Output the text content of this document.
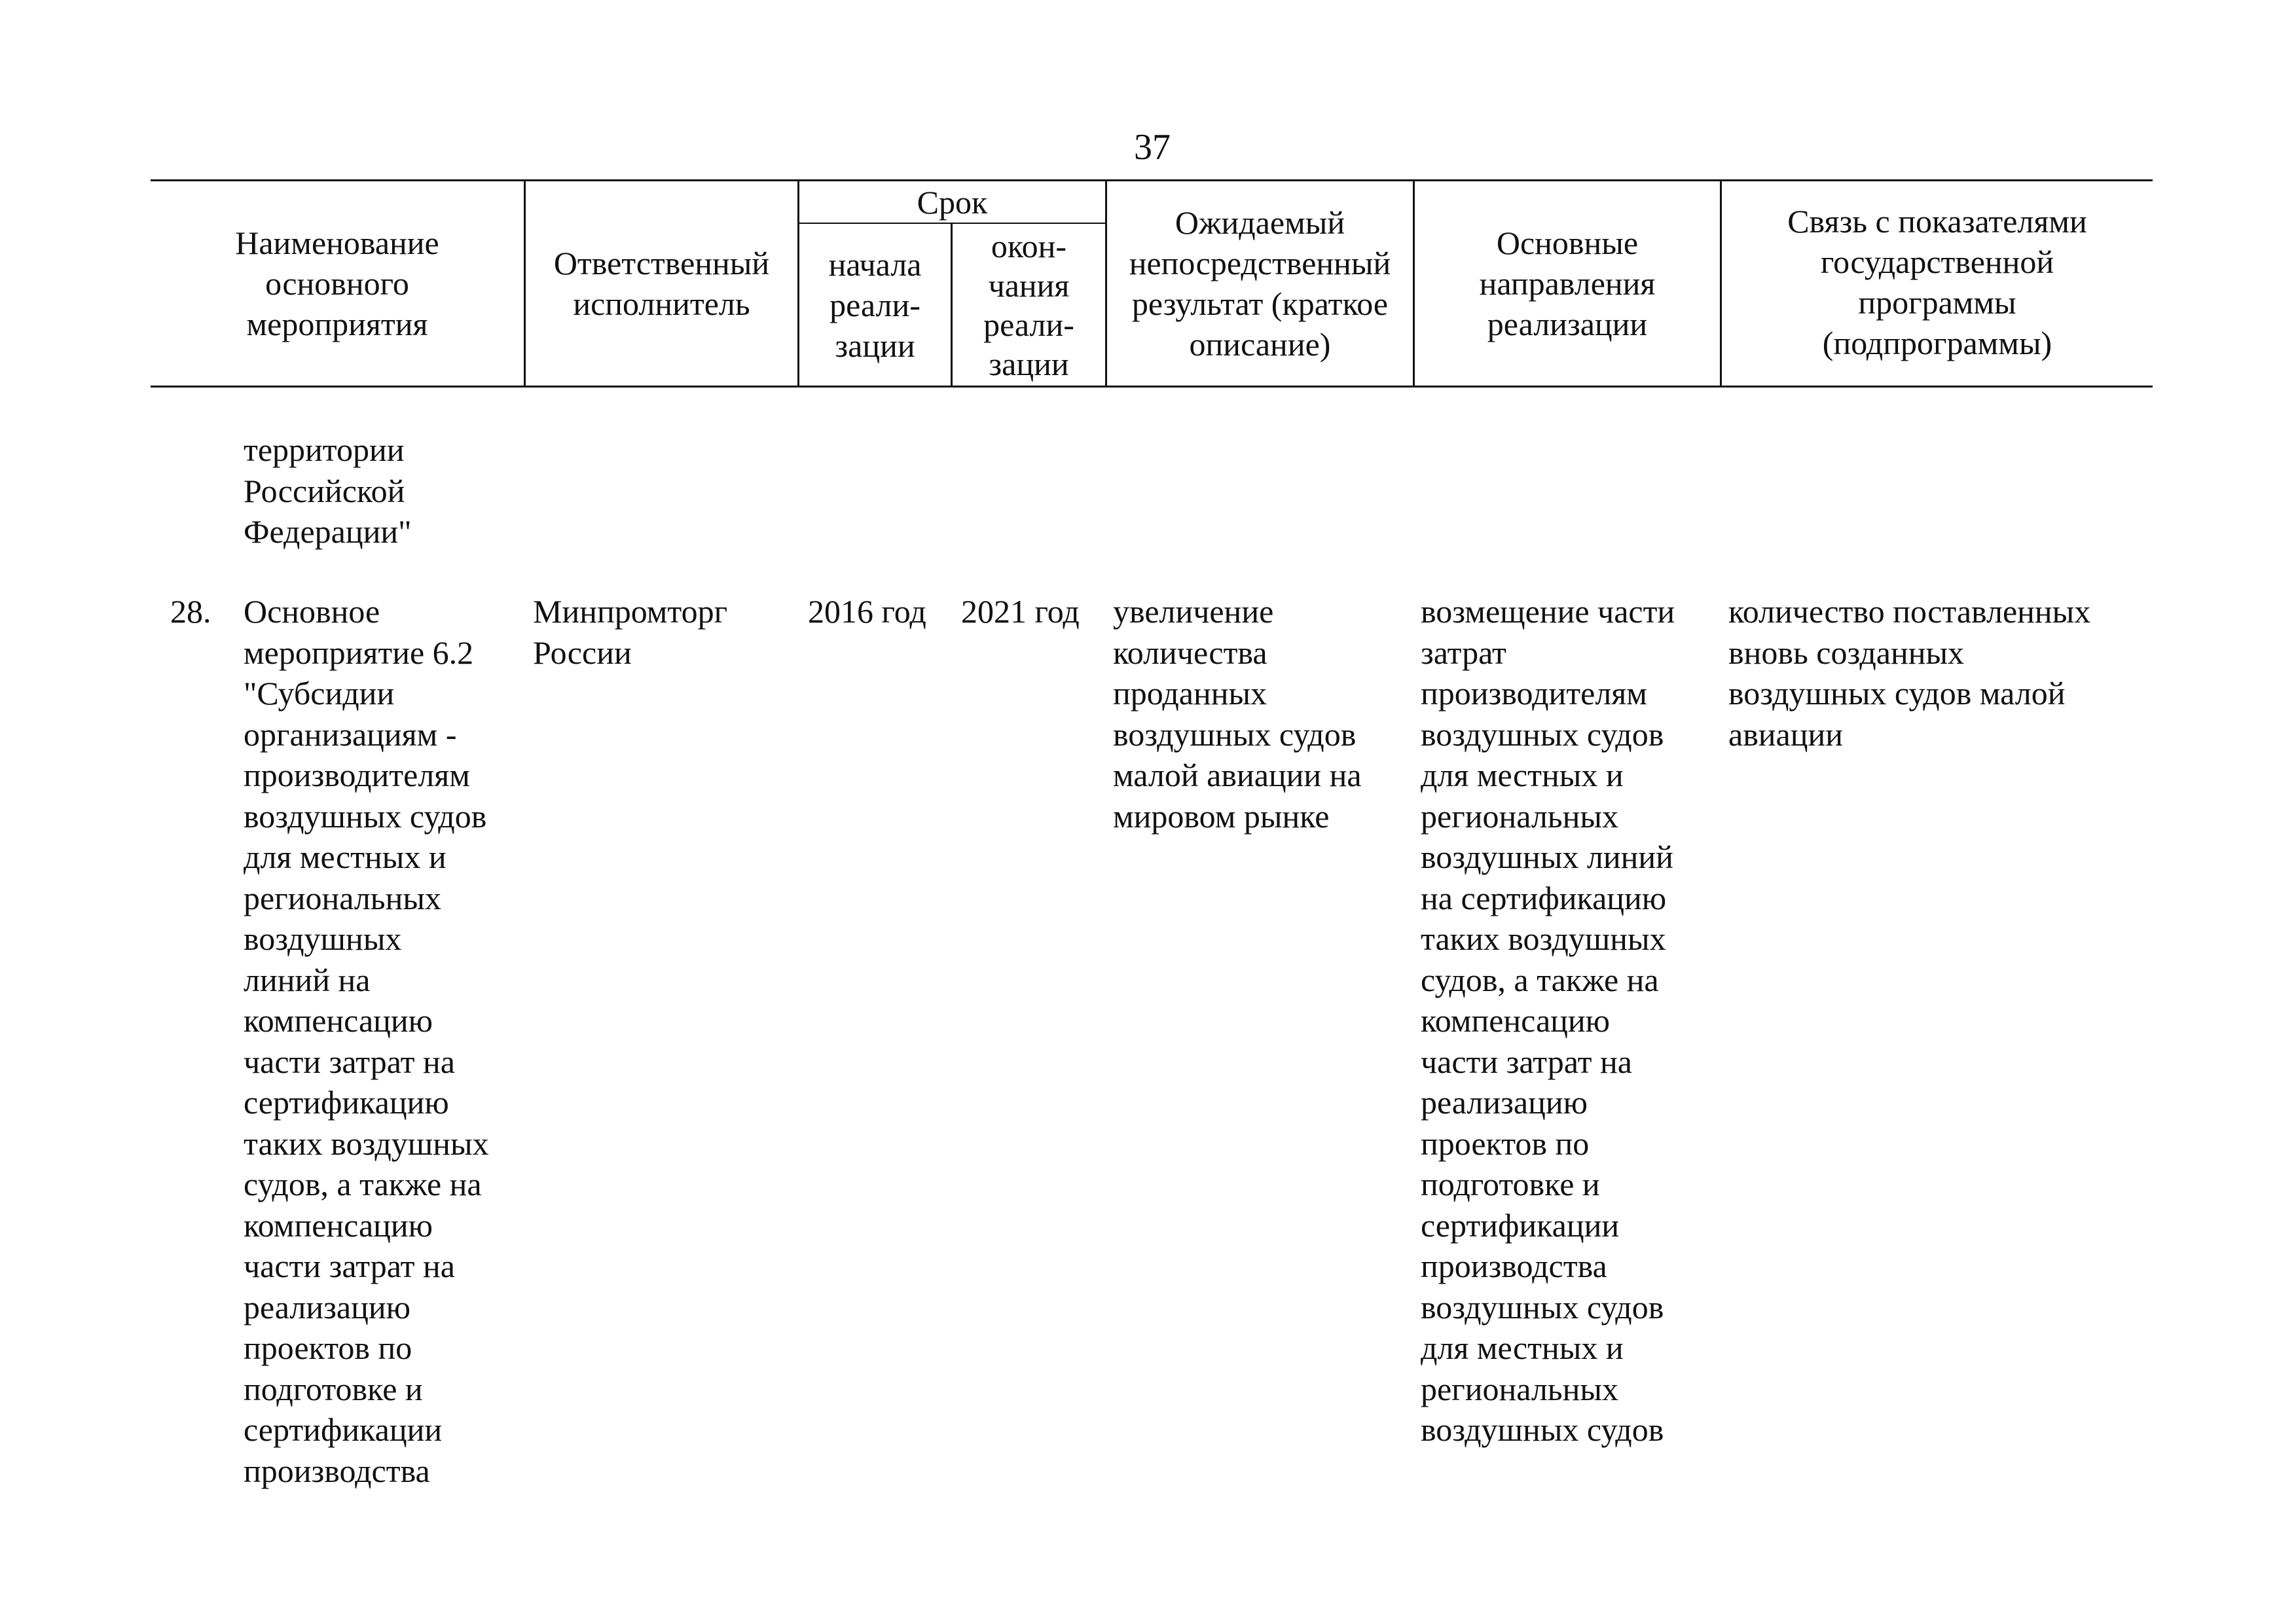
37
Наименование
основного
мероприятия
Ответственный
исполнитель
Срок
начала
реали-
зации
окон-
чания
реали-
зации
Ожидаемый
непосредственный
результат (краткое
описание)
Основные
направления
реализации
Связь с показателями
государственной
программы
(подпрограммы)
территории
Российской
Федерации"
28. Основное
мероприятие 6.2
"Субсидии
организациям -
производителям
воздушных судов
для местных и
региональных
воздушных
линий на
компенсацию
части затрат на
сертификацию
таких воздушных
судов, а также на
компенсацию
части затрат на
реализацию
проектов по
подготовке и
сертификации
производства
Минпромторг
России
2016 год	2021 год	увеличение
количества
проданных
воздушных судов
малой авиации на
мировом рынке
возмещение части
затрат
производителям
воздушных судов
для местных и
региональных
воздушных линий
на сертификацию
таких воздушных
судов, а также на
компенсацию
части затрат на
реализацию
проектов по
подготовке и
сертификации
производства
воздушных судов
для местных и
региональных
воздушных судов
количество поставленных
вновь созданных
воздушных судов малой
авиации
